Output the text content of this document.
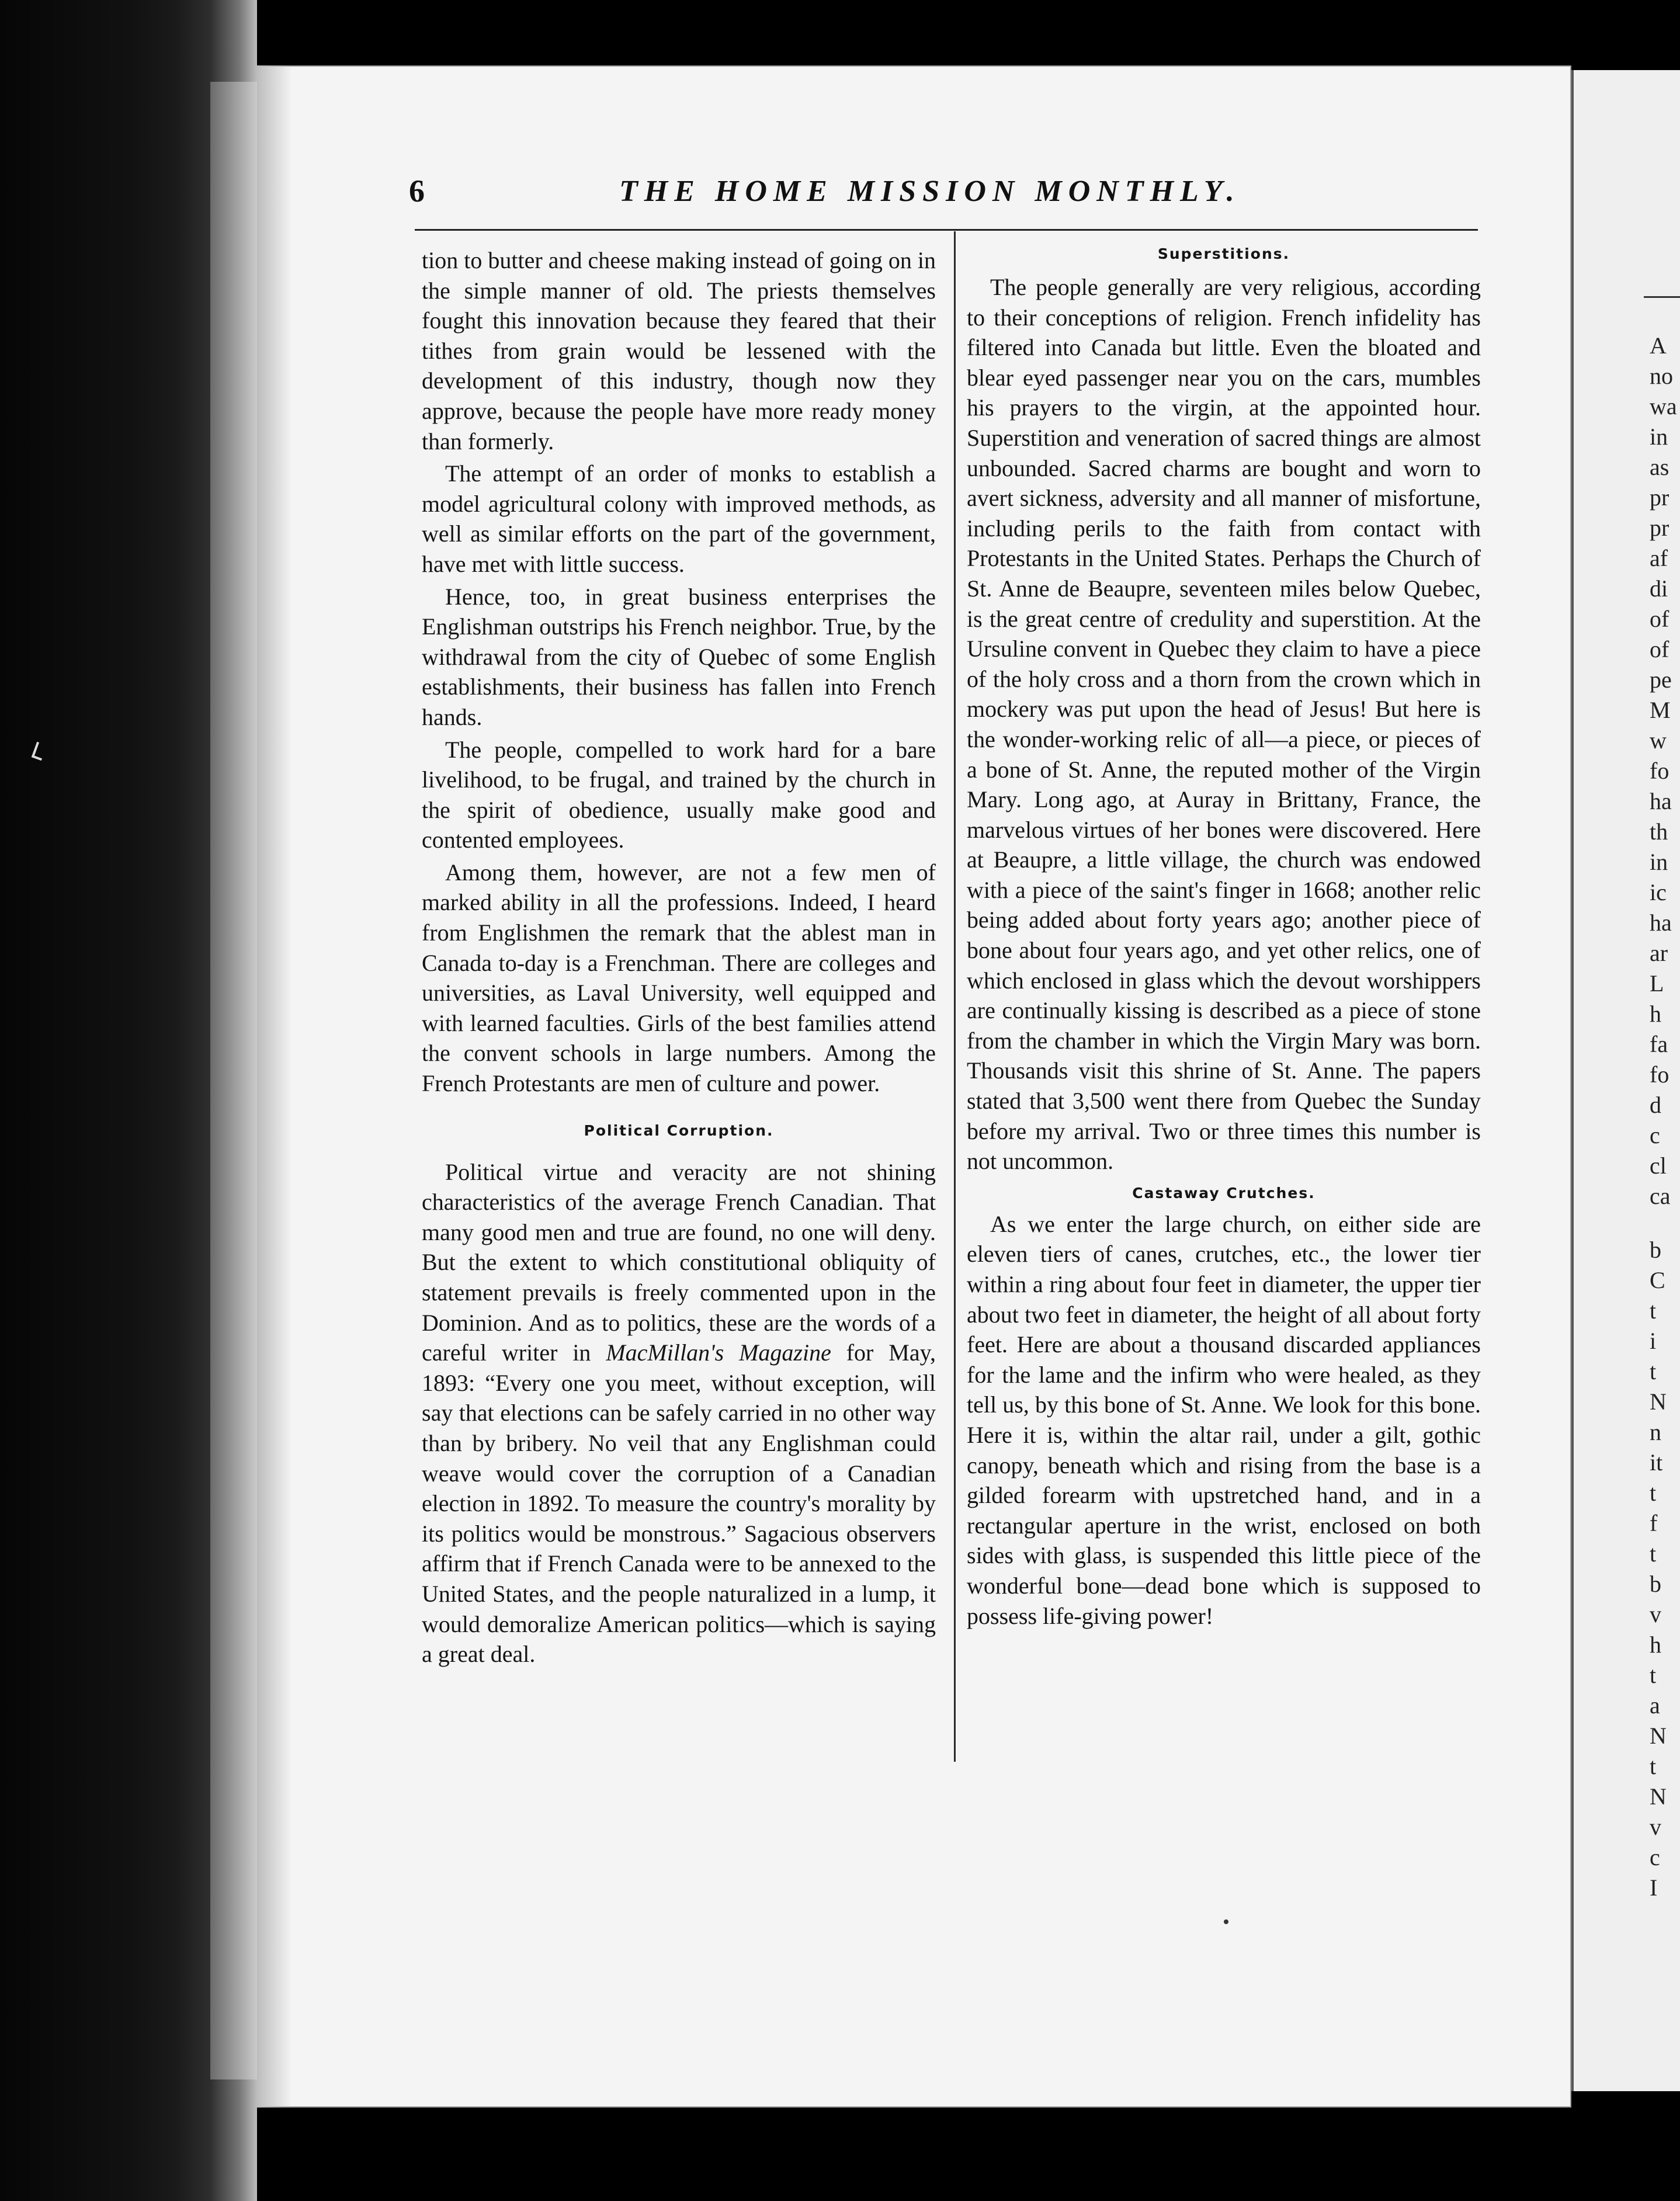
A
no
wa
in
as
pr
pr
af
di
of
of
pe
M
w
fo
ha
th
in
ic
ha
ar
L
h
fa
fo
d
c
cl
ca
b
C
t
i
t
N
n
it
t
f
t
b
v
h
t
a
N
t
N
v
c
I
6	THE HOME MISSION MONTHLY.

tion to butter and cheese making instead of going on in the simple manner of old. The priests themselves fought this innovation because they feared that their tithes from grain would be lessened with the development of this industry, though now they approve, because the people have more ready money than formerly.

The attempt of an order of monks to establish a model agricultural colony with improved methods, as well as similar efforts on the part of the government, have met with little success.

Hence, too, in great business enterprises the Englishman outstrips his French neighbor. True, by the withdrawal from the city of Quebec of some English establishments, their business has fallen into French hands.

The people, compelled to work hard for a bare livelihood, to be frugal, and trained by the church in the spirit of obedience, usually make good and contented employees.

Among them, however, are not a few men of marked ability in all the professions. Indeed, I heard from Englishmen the remark that the ablest man in Canada to-day is a Frenchman. There are colleges and universities, as Laval University, well equipped and with learned faculties. Girls of the best families attend the convent schools in large numbers. Among the French Protestants are men of culture and power.

Political Corruption.

Political virtue and veracity are not shining characteristics of the average French Canadian. That many good men and true are found, no one will deny. But the extent to which constitutional obliquity of statement prevails is freely commented upon in the Dominion. And as to politics, these are the words of a careful writer in MacMillan's Magazine for May, 1893: “Every one you meet, without exception, will say that elections can be safely carried in no other way than by bribery. No veil that any Englishman could weave would cover the corruption of a Canadian election in 1892. To measure the country's morality by its politics would be monstrous.” Sagacious observers affirm that if French Canada were to be annexed to the United States, and the people naturalized in a lump, it would demoralize American politics—which is saying a great deal.

Superstitions.

The people generally are very religious, according to their conceptions of religion. French infidelity has filtered into Canada but little. Even the bloated and blear eyed passenger near you on the cars, mumbles his prayers to the virgin, at the appointed hour. Superstition and veneration of sacred things are almost unbounded. Sacred charms are bought and worn to avert sickness, adversity and all manner of misfortune, including perils to the faith from contact with Protestants in the United States. Perhaps the Church of St. Anne de Beaupre, seventeen miles below Quebec, is the great centre of credulity and superstition. At the Ursuline convent in Quebec they claim to have a piece of the holy cross and a thorn from the crown which in mockery was put upon the head of Jesus! But here is the wonder-working relic of all—a piece, or pieces of a bone of St. Anne, the reputed mother of the Virgin Mary. Long ago, at Auray in Brittany, France, the marvelous virtues of her bones were discovered. Here at Beaupre, a little village, the church was endowed with a piece of the saint's finger in 1668; another relic being added about forty years ago; another piece of bone about four years ago, and yet other relics, one of which enclosed in glass which the devout worshippers are continually kissing is described as a piece of stone from the chamber in which the Virgin Mary was born. Thousands visit this shrine of St. Anne. The papers stated that 3,500 went there from Quebec the Sunday before my arrival. Two or three times this number is not uncommon.

Castaway Crutches.

As we enter the large church, on either side are eleven tiers of canes, crutches, etc., the lower tier within a ring about four feet in diameter, the upper tier about two feet in diameter, the height of all about forty feet. Here are about a thousand discarded appliances for the lame and the infirm who were healed, as they tell us, by this bone of St. Anne. We look for this bone. Here it is, within the altar rail, under a gilt, gothic canopy, beneath which and rising from the base is a gilded forearm with upstretched hand, and in a rectangular aperture in the wrist, enclosed on both sides with glass, is suspended this little piece of the wonderful bone—dead bone which is supposed to possess life-giving power!
